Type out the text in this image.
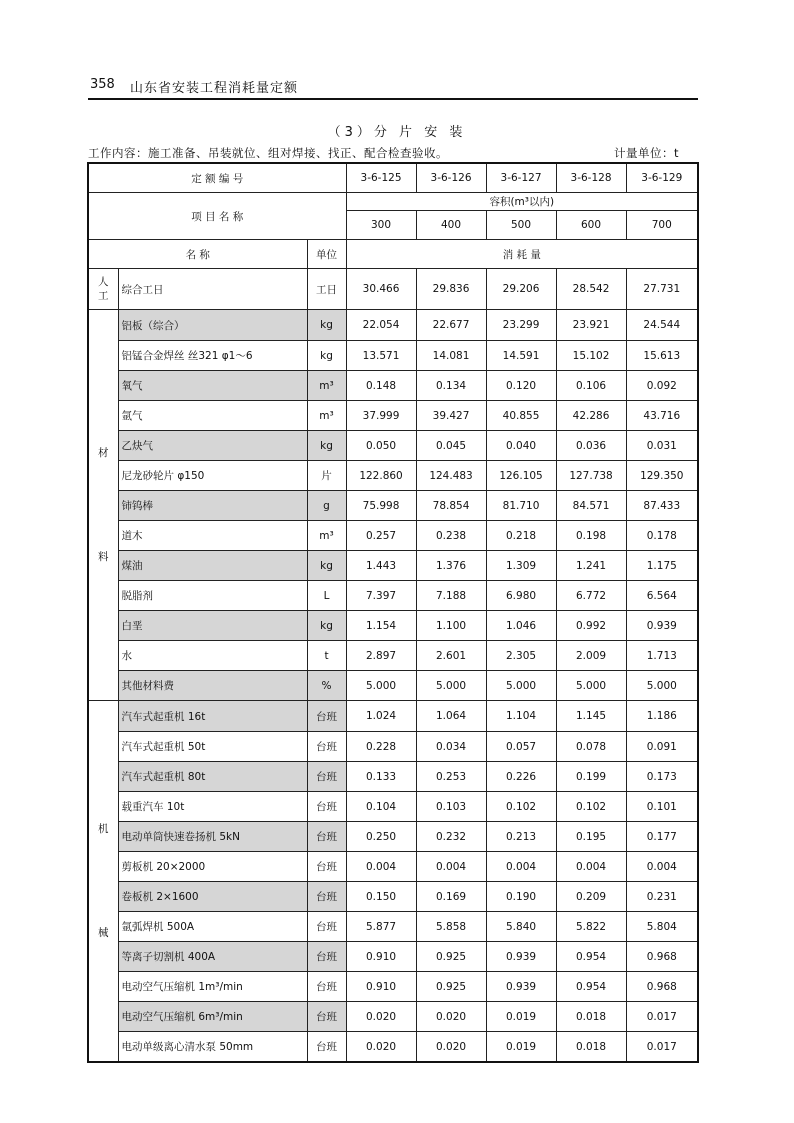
358 山东省安装工程消耗量定额
（3）分 片 安 装
工作内容：施工准备、吊装就位、组对焊接、找正、配合检查验收。	计量单位：t
定 额 编 号			3-6-125	3-6-126	3-6-127	3-6-128	3-6-129
项 目 名 称			容积(m³以内)				
			300	400	500	600	700
名 称		单位	消 耗 量				

人
工	综合工日	工日	30.466	29.836	29.206	28.542	27.731

材
料	铝板（综合）	kg	22.054	22.677	23.299	23.921	24.544
	铝锰合金焊丝 丝321 φ1～6	kg	13.571	14.081	14.591	15.102	15.613
	氧气	m³	0.148	0.134	0.120	0.106	0.092
	氩气	m³	37.999	39.427	40.855	42.286	43.716
	乙炔气	kg	0.050	0.045	0.040	0.036	0.031
	尼龙砂轮片 φ150	片	122.860	124.483	126.105	127.738	129.350
	铈钨棒	g	75.998	78.854	81.710	84.571	87.433
	道木	m³	0.257	0.238	0.218	0.198	0.178
	煤油	kg	1.443	1.376	1.309	1.241	1.175
	脱脂剂	L	7.397	7.188	6.980	6.772	6.564
	白垩	kg	1.154	1.100	1.046	0.992	0.939
	水	t	2.897	2.601	2.305	2.009	1.713
	其他材料费	%	5.000	5.000	5.000	5.000	5.000

机
械	汽车式起重机 16t	台班	1.024	1.064	1.104	1.145	1.186
	汽车式起重机 50t	台班	0.228	0.034	0.057	0.078	0.091
	汽车式起重机 80t	台班	0.133	0.253	0.226	0.199	0.173
	载重汽车 10t	台班	0.104	0.103	0.102	0.102	0.101
	电动单筒快速卷扬机 5kN	台班	0.250	0.232	0.213	0.195	0.177
	剪板机 20×2000	台班	0.004	0.004	0.004	0.004	0.004
	卷板机 2×1600	台班	0.150	0.169	0.190	0.209	0.231
	氩弧焊机 500A	台班	5.877	5.858	5.840	5.822	5.804
	等离子切割机 400A	台班	0.910	0.925	0.939	0.954	0.968
	电动空气压缩机 1m³/min	台班	0.910	0.925	0.939	0.954	0.968
	电动空气压缩机 6m³/min	台班	0.020	0.020	0.019	0.018	0.017
	电动单级离心清水泵 50mm	台班	0.020	0.020	0.019	0.018	0.017
